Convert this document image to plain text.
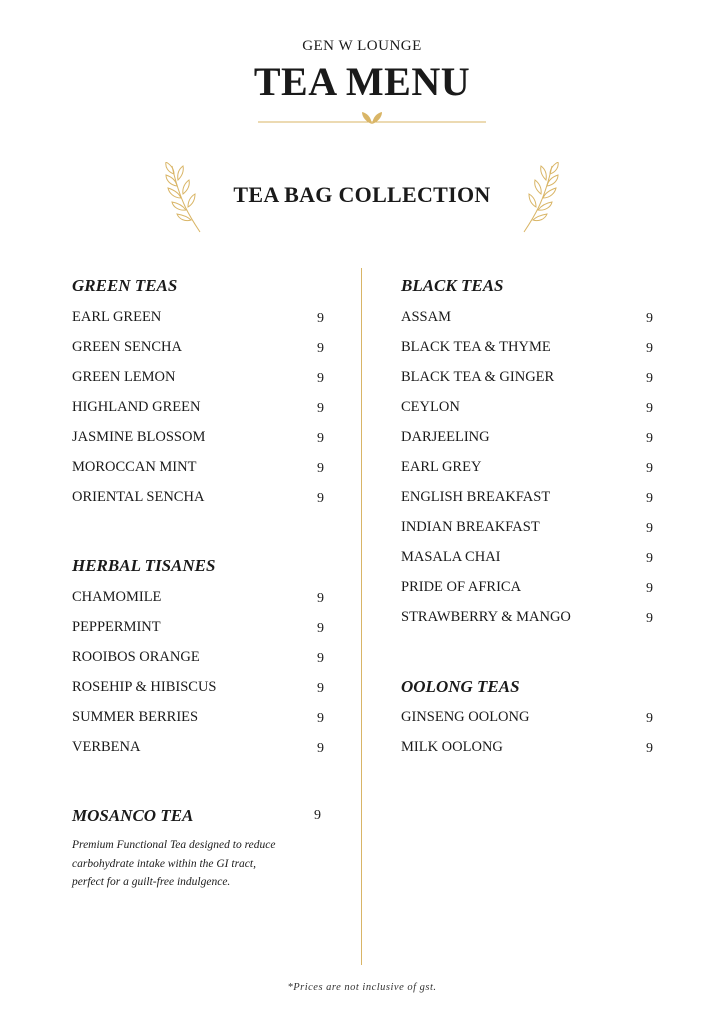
GEN W LOUNGE
TEA MENU
TEA BAG COLLECTION
GREEN TEAS
EARL GREEN	9
GREEN SENCHA	9
GREEN LEMON	9
HIGHLAND GREEN	9
JASMINE BLOSSOM	9
MOROCCAN MINT	9
ORIENTAL SENCHA	9
HERBAL TISANES
CHAMOMILE	9
PEPPERMINT	9
ROOIBOS ORANGE	9
ROSEHIP & HIBISCUS	9
SUMMER BERRIES	9
VERBENA	9
MOSANCO TEA	9
Premium Functional Tea designed to reduce carbohydrate intake within the GI tract, perfect for a guilt-free indulgence.
BLACK TEAS
ASSAM	9
BLACK TEA & THYME	9
BLACK TEA & GINGER	9
CEYLON	9
DARJEELING	9
EARL GREY	9
ENGLISH BREAKFAST	9
INDIAN BREAKFAST	9
MASALA CHAI	9
PRIDE OF AFRICA	9
STRAWBERRY & MANGO	9
OOLONG TEAS
GINSENG OOLONG	9
MILK OOLONG	9
*Prices are not inclusive of gst.
